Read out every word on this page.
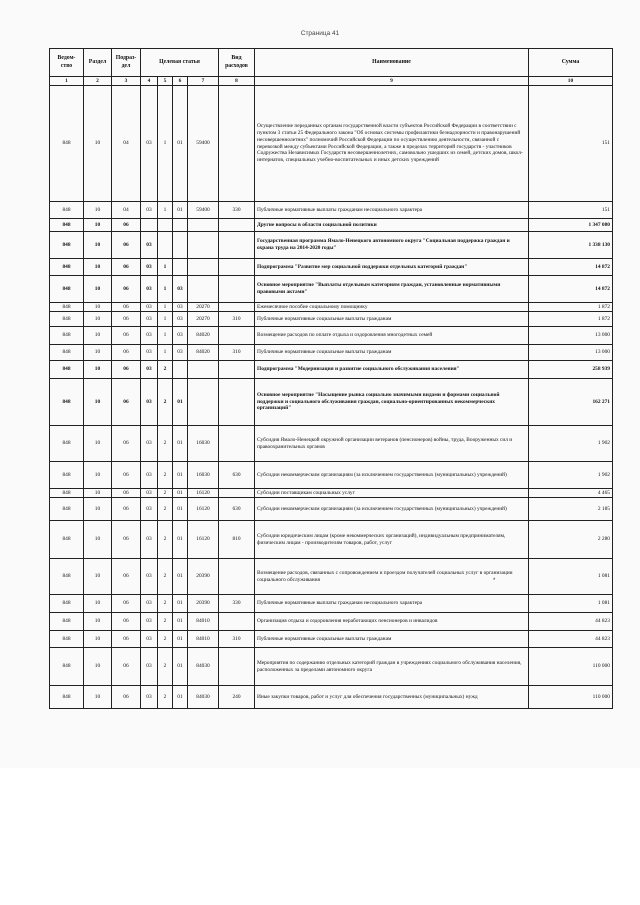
Страница 41
Ведом-ство	Раздел	Подраз-дел	Целевая статья				Вид расходов	Наименование	Сумма
1	2	3	4	5	6	7	8	9	10
848	10	04	03	1	01	59400		Осуществление переданных органам государственной власти субъектов Российской Федерации в соответствии с пунктом 3 статьи 25 Федерального закона "Об основах системы профилактики безнадзорности и правонарушений несовершеннолетних" полномочий Российской Федерации по осуществлению деятельности, связанной с перевозкой между субъектами Российской Федерации, а также в пределах территорий государств - участников Содружества Независимых Государств несовершеннолетних, самовольно ушедших из семей, детских домов, школ-интернатов, специальных учебно-воспитательных и иных детских учреждений	151
848	10	04	03	1	01	59400	330	Публичные нормативные выплаты гражданам несоциального характера	151
848	10	06						Другие вопросы в области социальной политики	1 347 080
848	10	06	03					Государственная программа Ямало-Ненецкого автономного округа "Социальная поддержка граждан и охрана труда на 2014-2020 годы"	1 338 130
848	10	06	03	1				Подпрограмма "Развитие мер социальной поддержки отдельных категорий граждан"	14 872
848	10	06	03	1	03			Основное мероприятие "Выплаты отдельным категориям граждан, установленные нормативными правовыми актами"	14 872
848	10	06	03	1	03	20270		Ежемесячное пособие социальному помощнику	1 872
848	10	06	03	1	03	20270	310	Публичные нормативные социальные выплаты гражданам	1 872
848	10	06	03	1	03	84020		Возмещение расходов по оплате отдыха и оздоровления многодетных семей	13 000
848	10	06	03	1	03	84020	310	Публичные нормативные социальные выплаты гражданам	13 000
848	10	06	03	2				Подпрограмма "Модернизация и развитие социального обслуживания населения"	258 939
848	10	06	03	2	01			Основное мероприятие "Насыщение рынка социально значимыми видами и формами социальной поддержки и социального обслуживания граждан, социально-ориентированных некоммерческих организаций"	162 271
848	10	06	03	2	01	16030		Субсидия Ямало-Ненецкой окружной организации ветеранов (пенсионеров) войны, труда, Вооруженных сил и правоохранительных органов	1 902
848	10	06	03	2	01	16030	630	Субсидии некоммерческим организациям (за исключением государственных (муниципальных) учреждений)	1 902
848	10	06	03	2	01	16120		Субсидии поставщикам социальных услуг	4 465
848	10	06	03	2	01	16120	630	Субсидии некоммерческим организациям (за исключением государственных (муниципальных) учреждений)	2 185
848	10	06	03	2	01	16120	810	Субсидии юридическим лицам (кроме некоммерческих организаций), индивидуальным предпринимателям, физическим лицам - производителям товаров, работ, услуг	2 280
848	10	06	03	2	01	20390		Возмещение расходов, связанных с сопровождением и проездом получателей социальных услуг в организации социального обслуживания	1 081
848	10	06	03	2	01	20390	330	Публичные нормативные выплаты гражданам несоциального характера	1 081
848	10	06	03	2	01	84010		Организация отдыха и оздоровления неработающих пенсионеров и инвалидов	44 823
848	10	06	03	2	01	84010	310	Публичные нормативные социальные выплаты гражданам	44 823
848	10	06	03	2	01	84030		Мероприятия по содержанию отдельных категорий граждан в учреждениях социального обслуживания населения, расположенных за пределами автономного округа	110 000
848	10	06	03	2	01	84030	240	Иные закупки товаров, работ и услуг для обеспечения государственных (муниципальных) нужд	110 000
*
